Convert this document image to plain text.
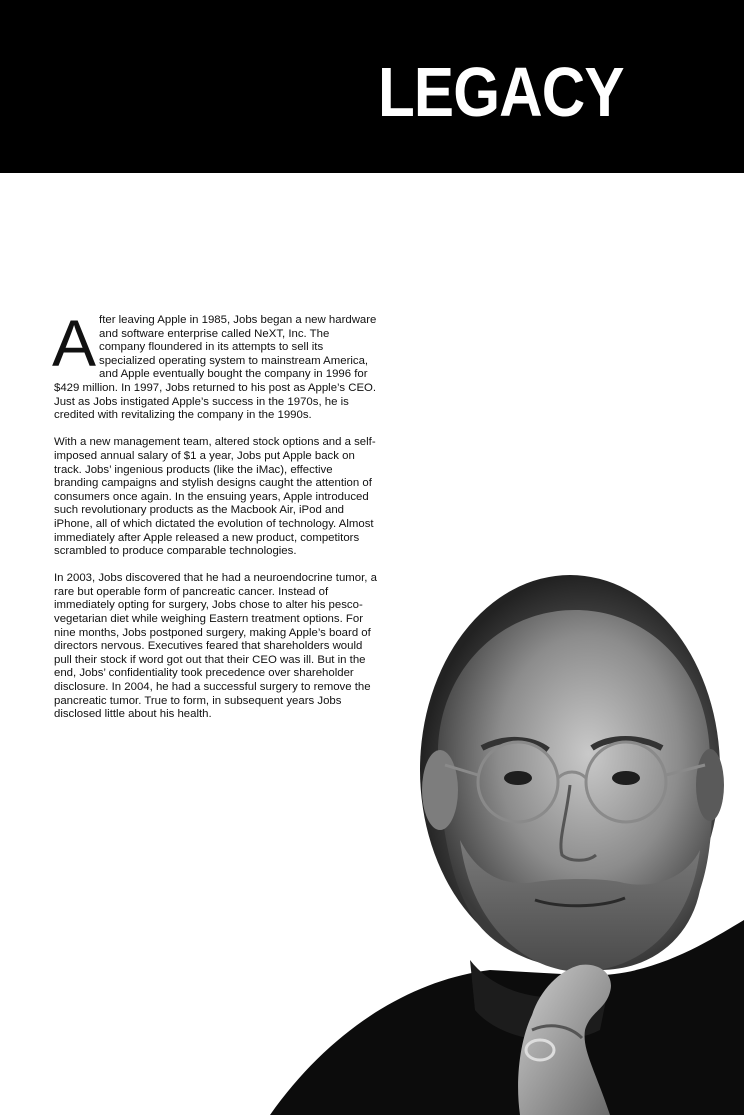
LEGACY

After leaving Apple in 1985, Jobs began a new hardware and software enterprise called NeXT, Inc. The company floundered in its attempts to sell its specialized operating system to mainstream America, and Apple eventually bought the company in 1996 for $429 million. In 1997, Jobs returned to his post as Apple’s CEO. Just as Jobs instigated Apple’s success in the 1970s, he is credited with revitalizing the company in the 1990s.

With a new management team, altered stock options and a self-imposed annual salary of $1 a year, Jobs put Apple back on track. Jobs’ ingenious products (like the iMac), effective branding campaigns and stylish designs caught the attention of consumers once again. In the ensuing years, Apple introduced such revolutionary products as the Macbook Air, iPod and iPhone, all of which dictated the evolution of technology. Almost immediately after Apple released a new product, competitors scrambled to produce comparable technologies.

In 2003, Jobs discovered that he had a neuroendocrine tumor, a rare but operable form of pancreatic cancer. Instead of immediately opting for surgery, Jobs chose to alter his pesco-vegetarian diet while weighing Eastern treatment options. For nine months, Jobs postponed surgery, making Apple’s board of directors nervous. Executives feared that shareholders would pull their stock if word got out that their CEO was ill. But in the end, Jobs’ confidentiality took precedence over shareholder disclosure. In 2004, he had a successful surgery to remove the pancreatic tumor. True to form, in subsequent years Jobs disclosed little about his health.
